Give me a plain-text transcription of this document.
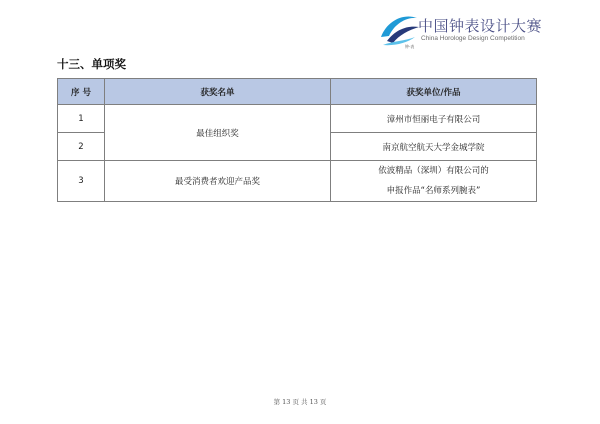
钟·表
中国钟表设计大赛
China Horologe Design Competition
十三、单项奖
序 号	获奖名单	获奖单位/作品
1	最佳组织奖	漳州市恒丽电子有限公司
2		南京航空航天大学金城学院
3	最受消费者欢迎产品奖	依波精品（深圳）有限公司的
申报作品“名师系列腕表”
第 13 页 共 13 页
